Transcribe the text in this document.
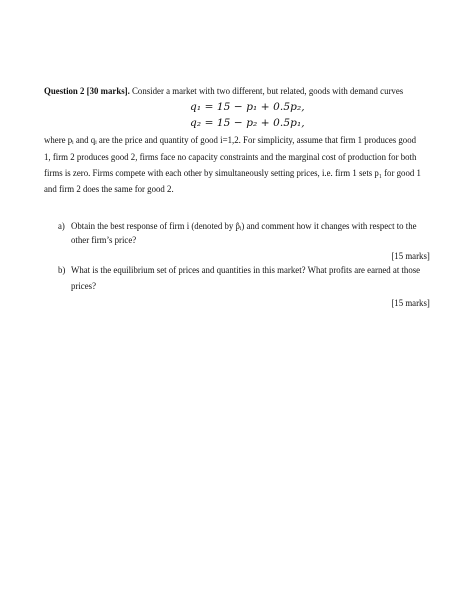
Question 2 [30 marks]. Consider a market with two different, but related, goods with demand curves
q₁ = 15 − p₁ + 0.5p₂,
q₂ = 15 − p₂ + 0.5p₁,
where pᵢ and qᵢ are the price and quantity of good i=1,2. For simplicity, assume that firm 1 produces good
1, firm 2 produces good 2, firms face no capacity constraints and the marginal cost of production for both
firms is zero. Firms compete with each other by simultaneously setting prices, i.e. firm 1 sets p₁ for good 1
and firm 2 does the same for good 2.
a) Obtain the best response of firm i (denoted by p̂ᵢ) and comment how it changes with respect to the
other firm’s price?
[15 marks]
b) What is the equilibrium set of prices and quantities in this market? What profits are earned at those
prices?
[15 marks]
